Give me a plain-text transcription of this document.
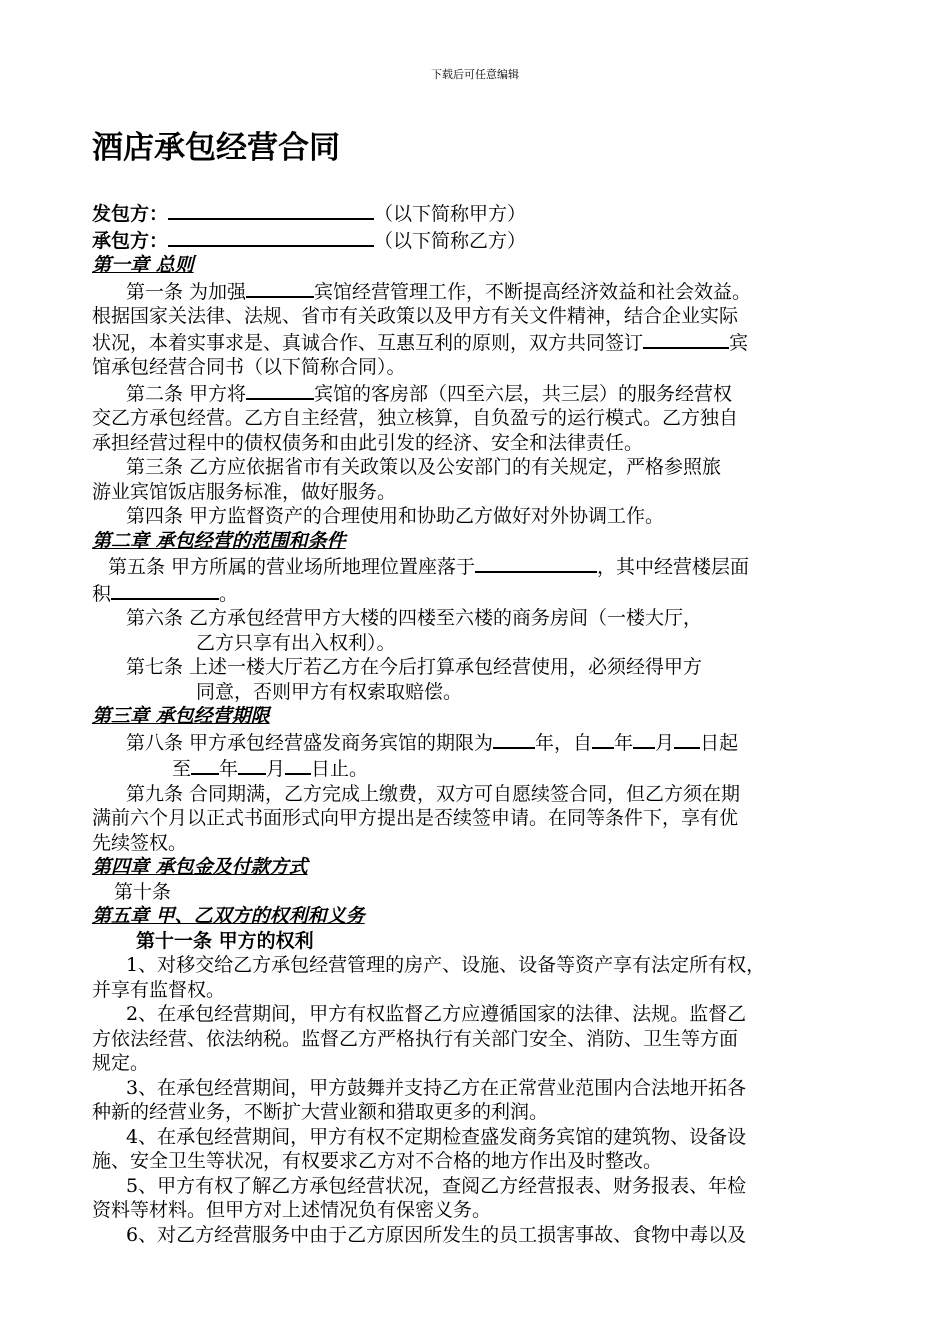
下载后可任意编辑
酒店承包经营合同
发包方：	（以下简称甲方）
承包方：	（以下简称乙方）
第一章 总则
第一条 为加强	宾馆经营管理工作，不断提高经济效益和社会效益。
根据国家关法律、法规、省市有关政策以及甲方有关文件精神，结合企业实际
状况，本着实事求是、真诚合作、互惠互利的原则，双方共同签订	宾
馆承包经营合同书（以下简称合同）。
第二条 甲方将	宾馆的客房部（四至六层，共三层）的服务经营权
交乙方承包经营。乙方自主经营，独立核算，自负盈亏的运行模式。乙方独自
承担经营过程中的债权债务和由此引发的经济、安全和法律责任。
第三条 乙方应依据省市有关政策以及公安部门的有关规定，严格参照旅
游业宾馆饭店服务标准，做好服务。
第四条 甲方监督资产的合理使用和协助乙方做好对外协调工作。
第二章 承包经营的范围和条件
第五条 甲方所属的营业场所地理位置座落于	，其中经营楼层面
积	。
第六条 乙方承包经营甲方大楼的四楼至六楼的商务房间（一楼大厅，
乙方只享有出入权利）。
第七条 上述一楼大厅若乙方在今后打算承包经营使用，必须经得甲方
同意，否则甲方有权索取赔偿。
第三章 承包经营期限
第八条 甲方承包经营盛发商务宾馆的期限为 年，自 年 月 日起
至 年 月 日止。
第九条 合同期满，乙方完成上缴费，双方可自愿续签合同，但乙方须在期
满前六个月以正式书面形式向甲方提出是否续签申请。在同等条件下，享有优
先续签权。
第四章 承包金及付款方式
第十条
第五章 甲、乙双方的权利和义务
第十一条 甲方的权利
1、对移交给乙方承包经营管理的房产、设施、设备等资产享有法定所有权，
并享有监督权。
2、在承包经营期间，甲方有权监督乙方应遵循国家的法律、法规。监督乙
方依法经营、依法纳税。监督乙方严格执行有关部门安全、消防、卫生等方面
规定。
3、在承包经营期间，甲方鼓舞并支持乙方在正常营业范围内合法地开拓各
种新的经营业务，不断扩大营业额和猎取更多的利润。
4、在承包经营期间，甲方有权不定期检查盛发商务宾馆的建筑物、设备设
施、安全卫生等状况，有权要求乙方对不合格的地方作出及时整改。
5、甲方有权了解乙方承包经营状况，查阅乙方经营报表、财务报表、年检
资料等材料。但甲方对上述情况负有保密义务。
6、对乙方经营服务中由于乙方原因所发生的员工损害事故、食物中毒以及
